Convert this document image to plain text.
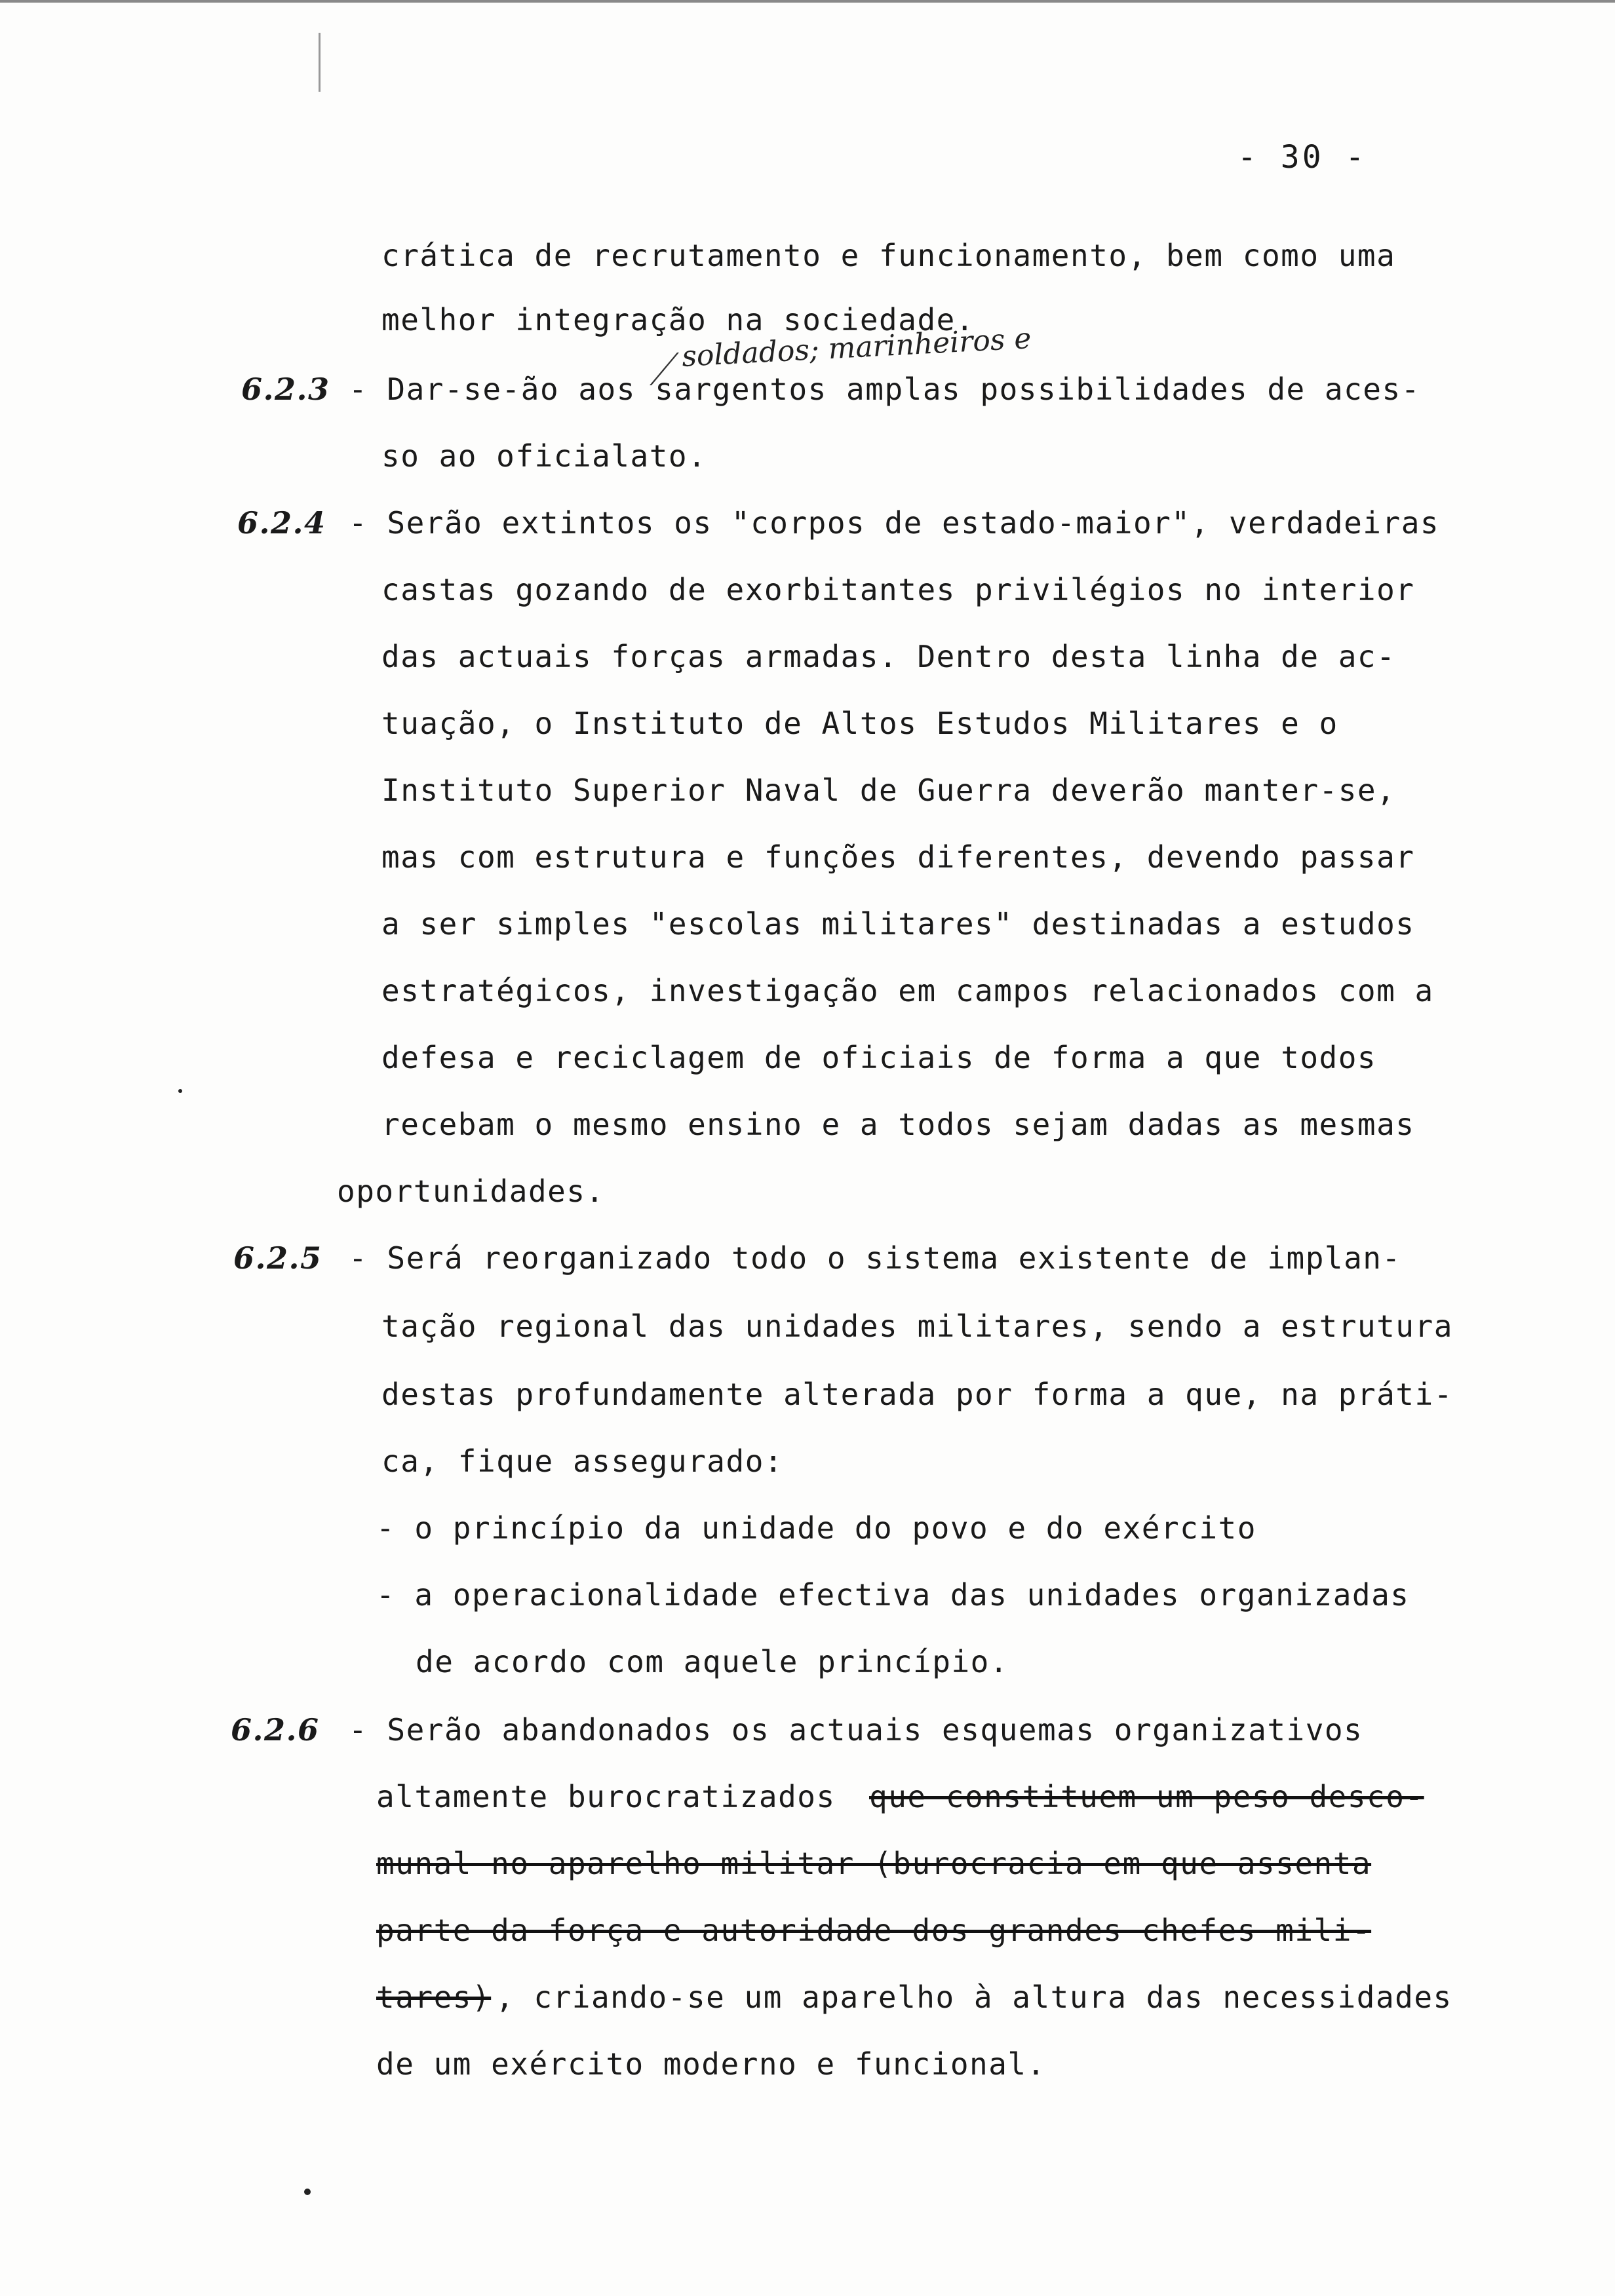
- 30 -
soldados; marinheiros e
crática de recrutamento e funcionamento, bem como uma
melhor integração na sociedade.
6.2.3 - Dar-se-ão aos sargentos amplas possibilidades de aces-
so ao oficialato.
6.2.4 - Serão extintos os "corpos de estado-maior", verdadeiras
castas gozando de exorbitantes privilégios no interior
das actuais forças armadas. Dentro desta linha de ac-
tuação, o Instituto de Altos Estudos Militares e o
Instituto Superior Naval de Guerra deverão manter-se,
mas com estrutura e funções diferentes, devendo passar
a ser simples "escolas militares" destinadas a estudos
estratégicos, investigação em campos relacionados com a
defesa e reciclagem de oficiais de forma a que todos
recebam o mesmo ensino e a todos sejam dadas as mesmas
oportunidades.
6.2.5 - Será reorganizado todo o sistema existente de implan-
tação regional das unidades militares, sendo a estrutura
destas profundamente alterada por forma a que, na práti-
ca, fique assegurado:
- o princípio da unidade do povo e do exército
- a operacionalidade efectiva das unidades organizadas
de acordo com aquele princípio.
6.2.6 - Serão abandonados os actuais esquemas organizativos
altamente burocratizados que constituem um peso desco-
munal no aparelho militar (burocracia em que assenta
parte da força e autoridade dos grandes chefes mili-
tares) , criando-se um aparelho à altura das necessidades
de um exército moderno e funcional.
